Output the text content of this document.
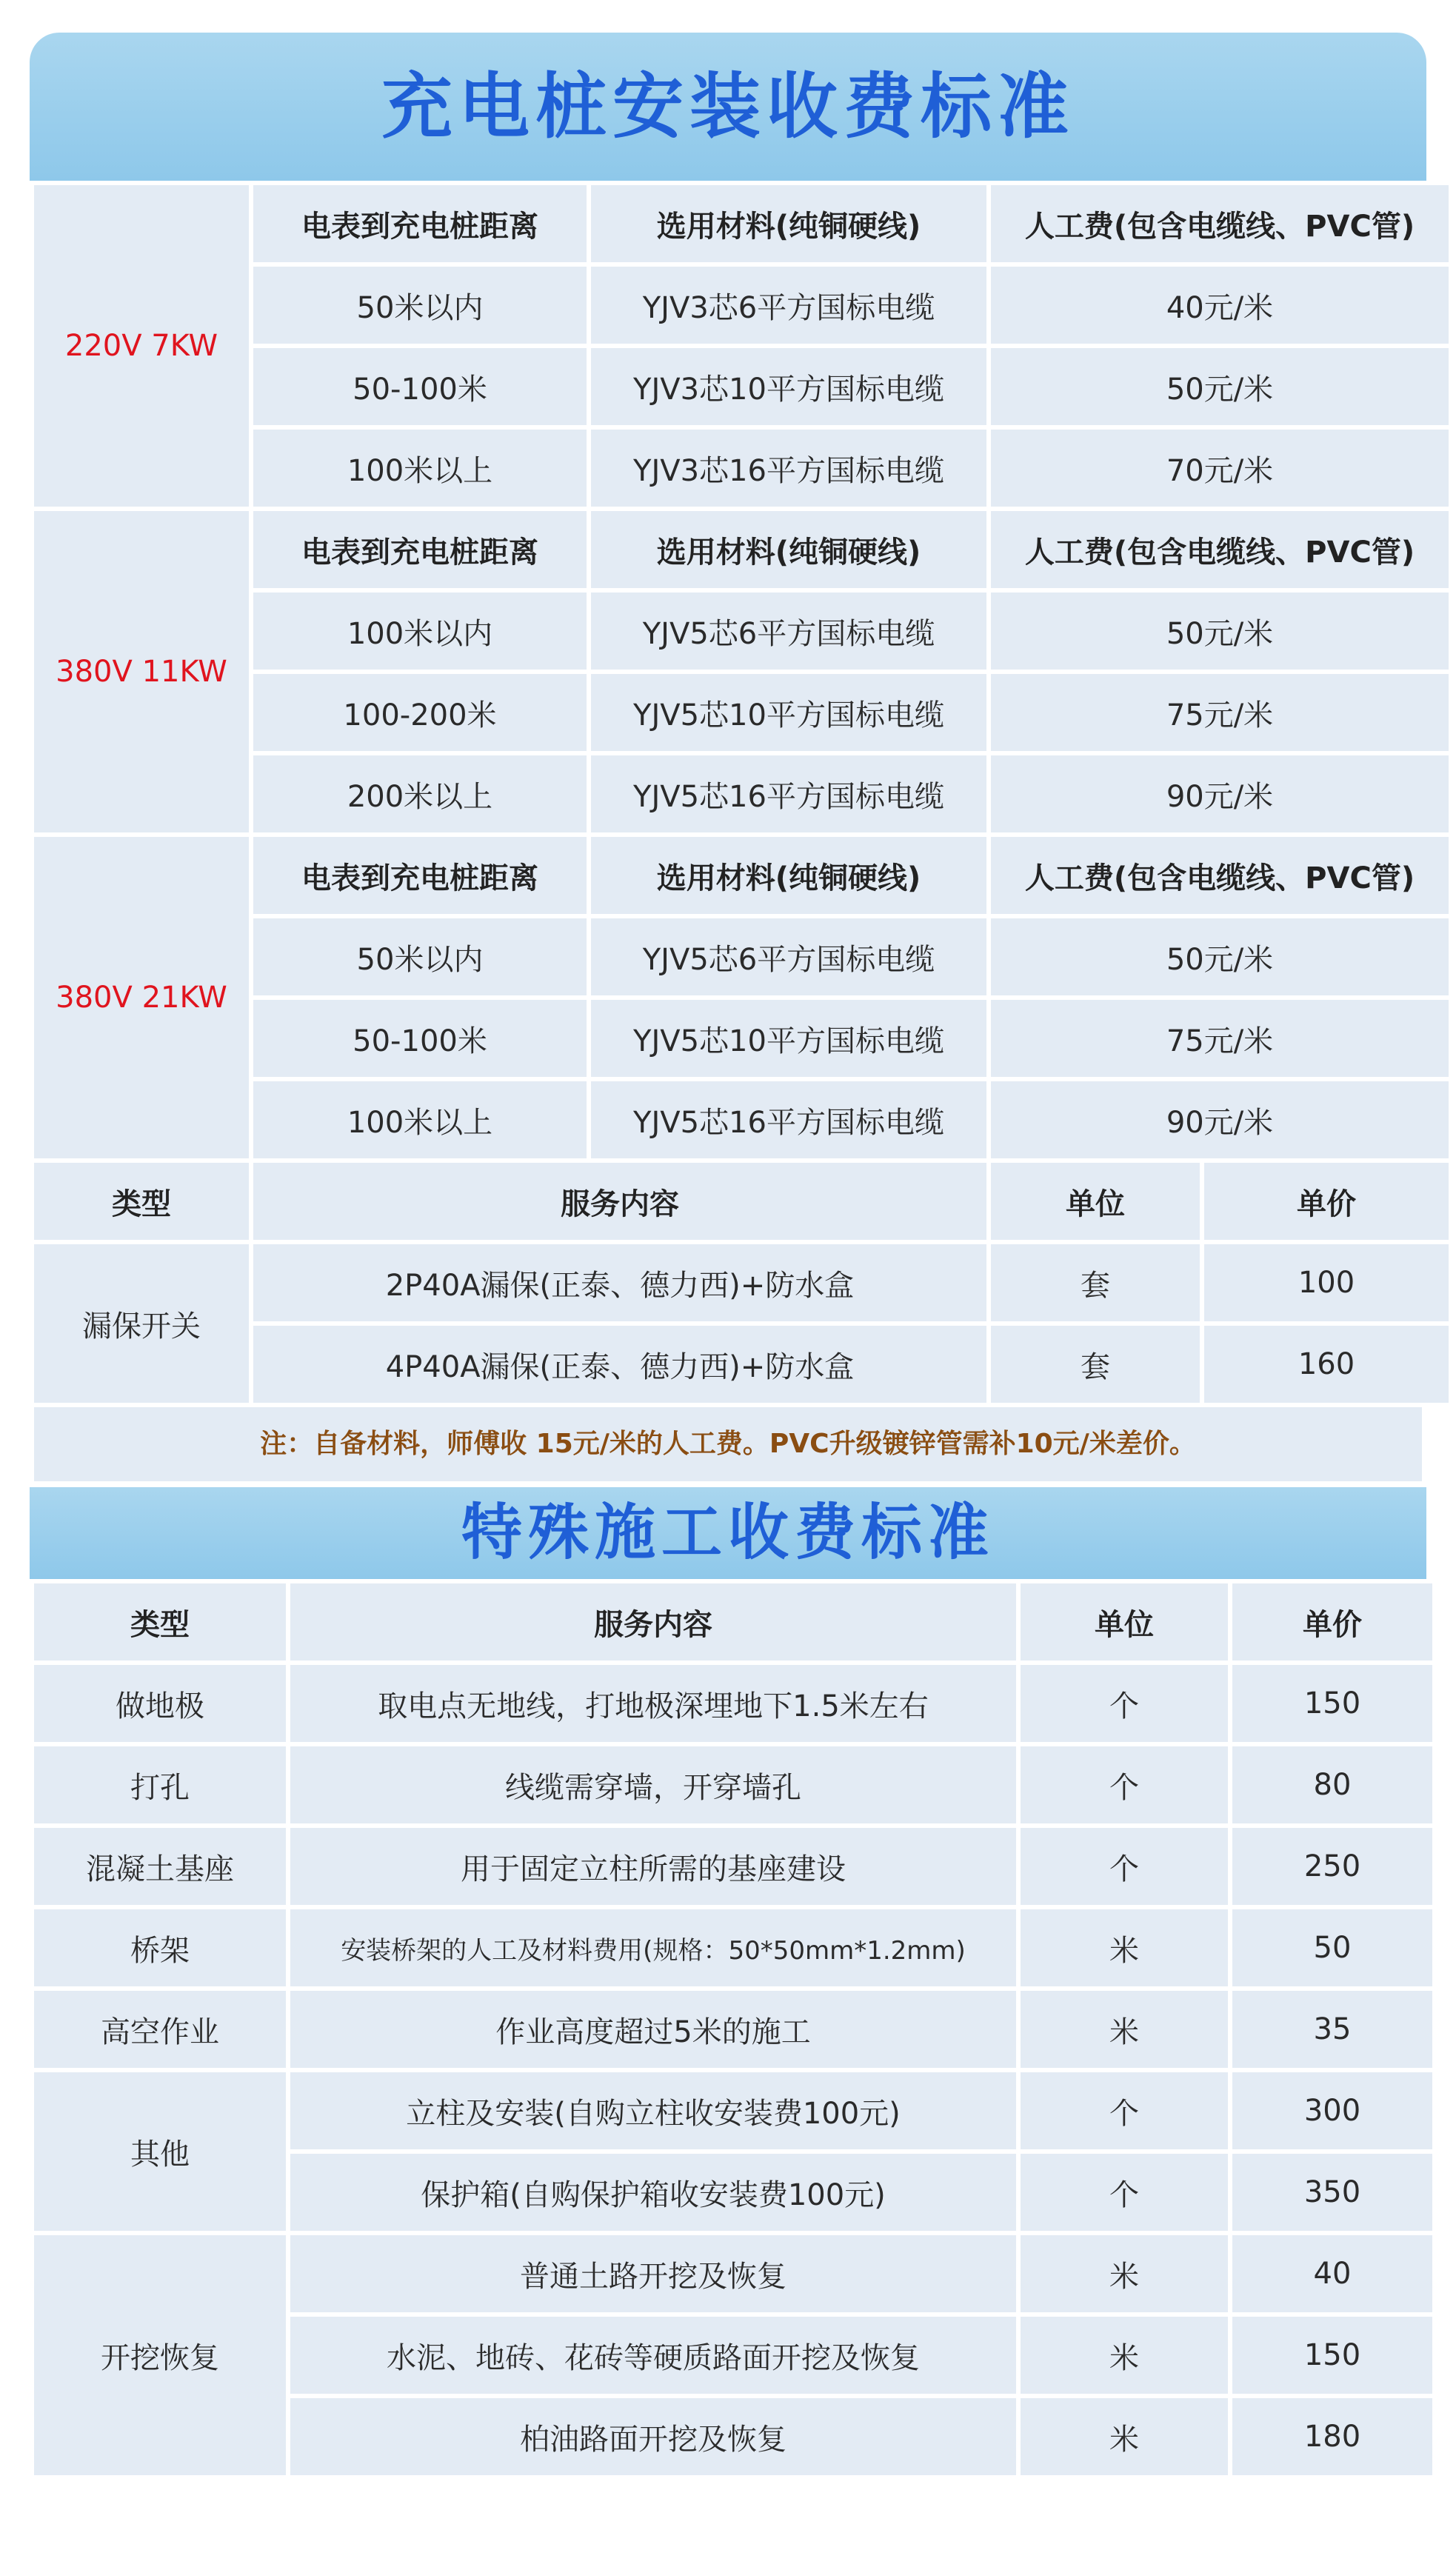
充电桩安装收费标准
220V 7KW	电表到充电桩距离	选用材料(纯铜硬线)	人工费(包含电缆线、PVC管)	
	50米以内	YJV3芯6平方国标电缆	40元/米	
	50-100米	YJV3芯10平方国标电缆	50元/米	
	100米以上	YJV3芯16平方国标电缆	70元/米	
380V 11KW	电表到充电桩距离	选用材料(纯铜硬线)	人工费(包含电缆线、PVC管)	
	100米以内	YJV5芯6平方国标电缆	50元/米	
	100-200米	YJV5芯10平方国标电缆	75元/米	
	200米以上	YJV5芯16平方国标电缆	90元/米	
380V 21KW	电表到充电桩距离	选用材料(纯铜硬线)	人工费(包含电缆线、PVC管)	
	50米以内	YJV5芯6平方国标电缆	50元/米	
	50-100米	YJV5芯10平方国标电缆	75元/米	
	100米以上	YJV5芯16平方国标电缆	90元/米	
类型	服务内容		单位	单价
漏保开关	2P40A漏保(正泰、德力西)+防水盒		套	100
	4P40A漏保(正泰、德力西)+防水盒		套	160
注：自备材料，师傅收 15元/米的人工费。PVC升级镀锌管需补10元/米差价。
特殊施工收费标准
类型	服务内容	单位	单价
做地极	取电点无地线，打地极深埋地下1.5米左右	个	150
打孔	线缆需穿墙，开穿墙孔	个	80
混凝土基座	用于固定立柱所需的基座建设	个	250
桥架	安装桥架的人工及材料费用(规格：50*50mm*1.2mm)	米	50
高空作业	作业高度超过5米的施工	米	35
其他	立柱及安装(自购立柱收安装费100元)	个	300
	保护箱(自购保护箱收安装费100元)	个	350
开挖恢复	普通土路开挖及恢复	米	40
	水泥、地砖、花砖等硬质路面开挖及恢复	米	150
	柏油路面开挖及恢复	米	180
